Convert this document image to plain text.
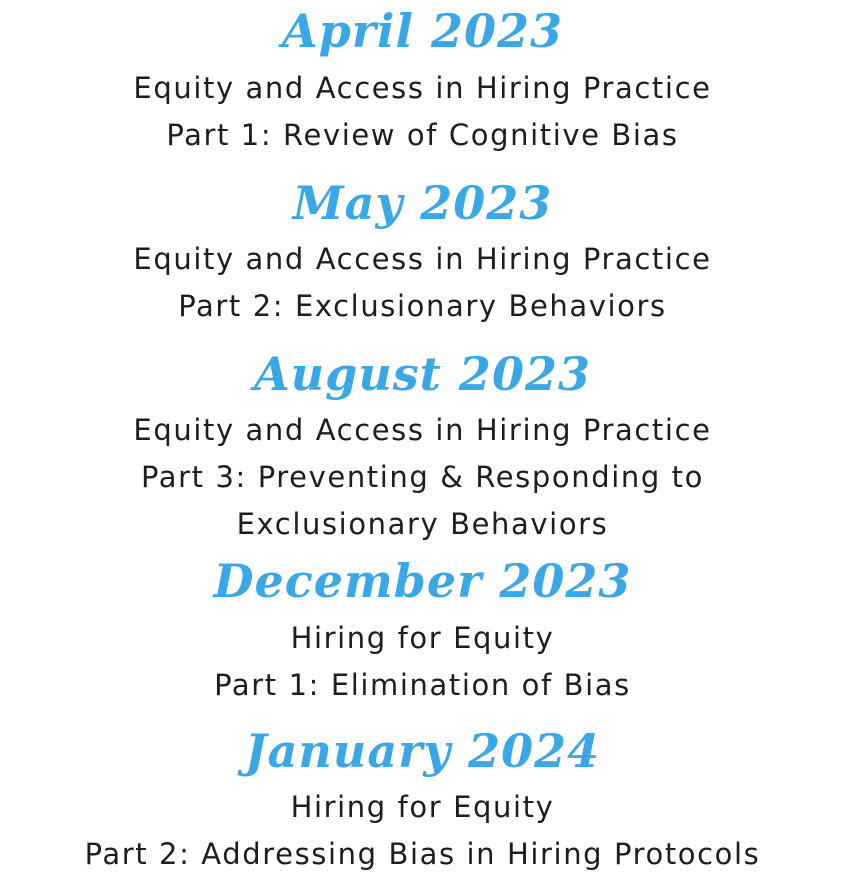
April 2023
Equity and Access in Hiring Practice
Part 1: Review of Cognitive Bias
May 2023
Equity and Access in Hiring Practice
Part 2: Exclusionary Behaviors
August 2023
Equity and Access in Hiring Practice
Part 3: Preventing & Responding to
Exclusionary Behaviors
December 2023
Hiring for Equity
Part 1: Elimination of Bias
January 2024
Hiring for Equity
Part 2: Addressing Bias in Hiring Protocols
